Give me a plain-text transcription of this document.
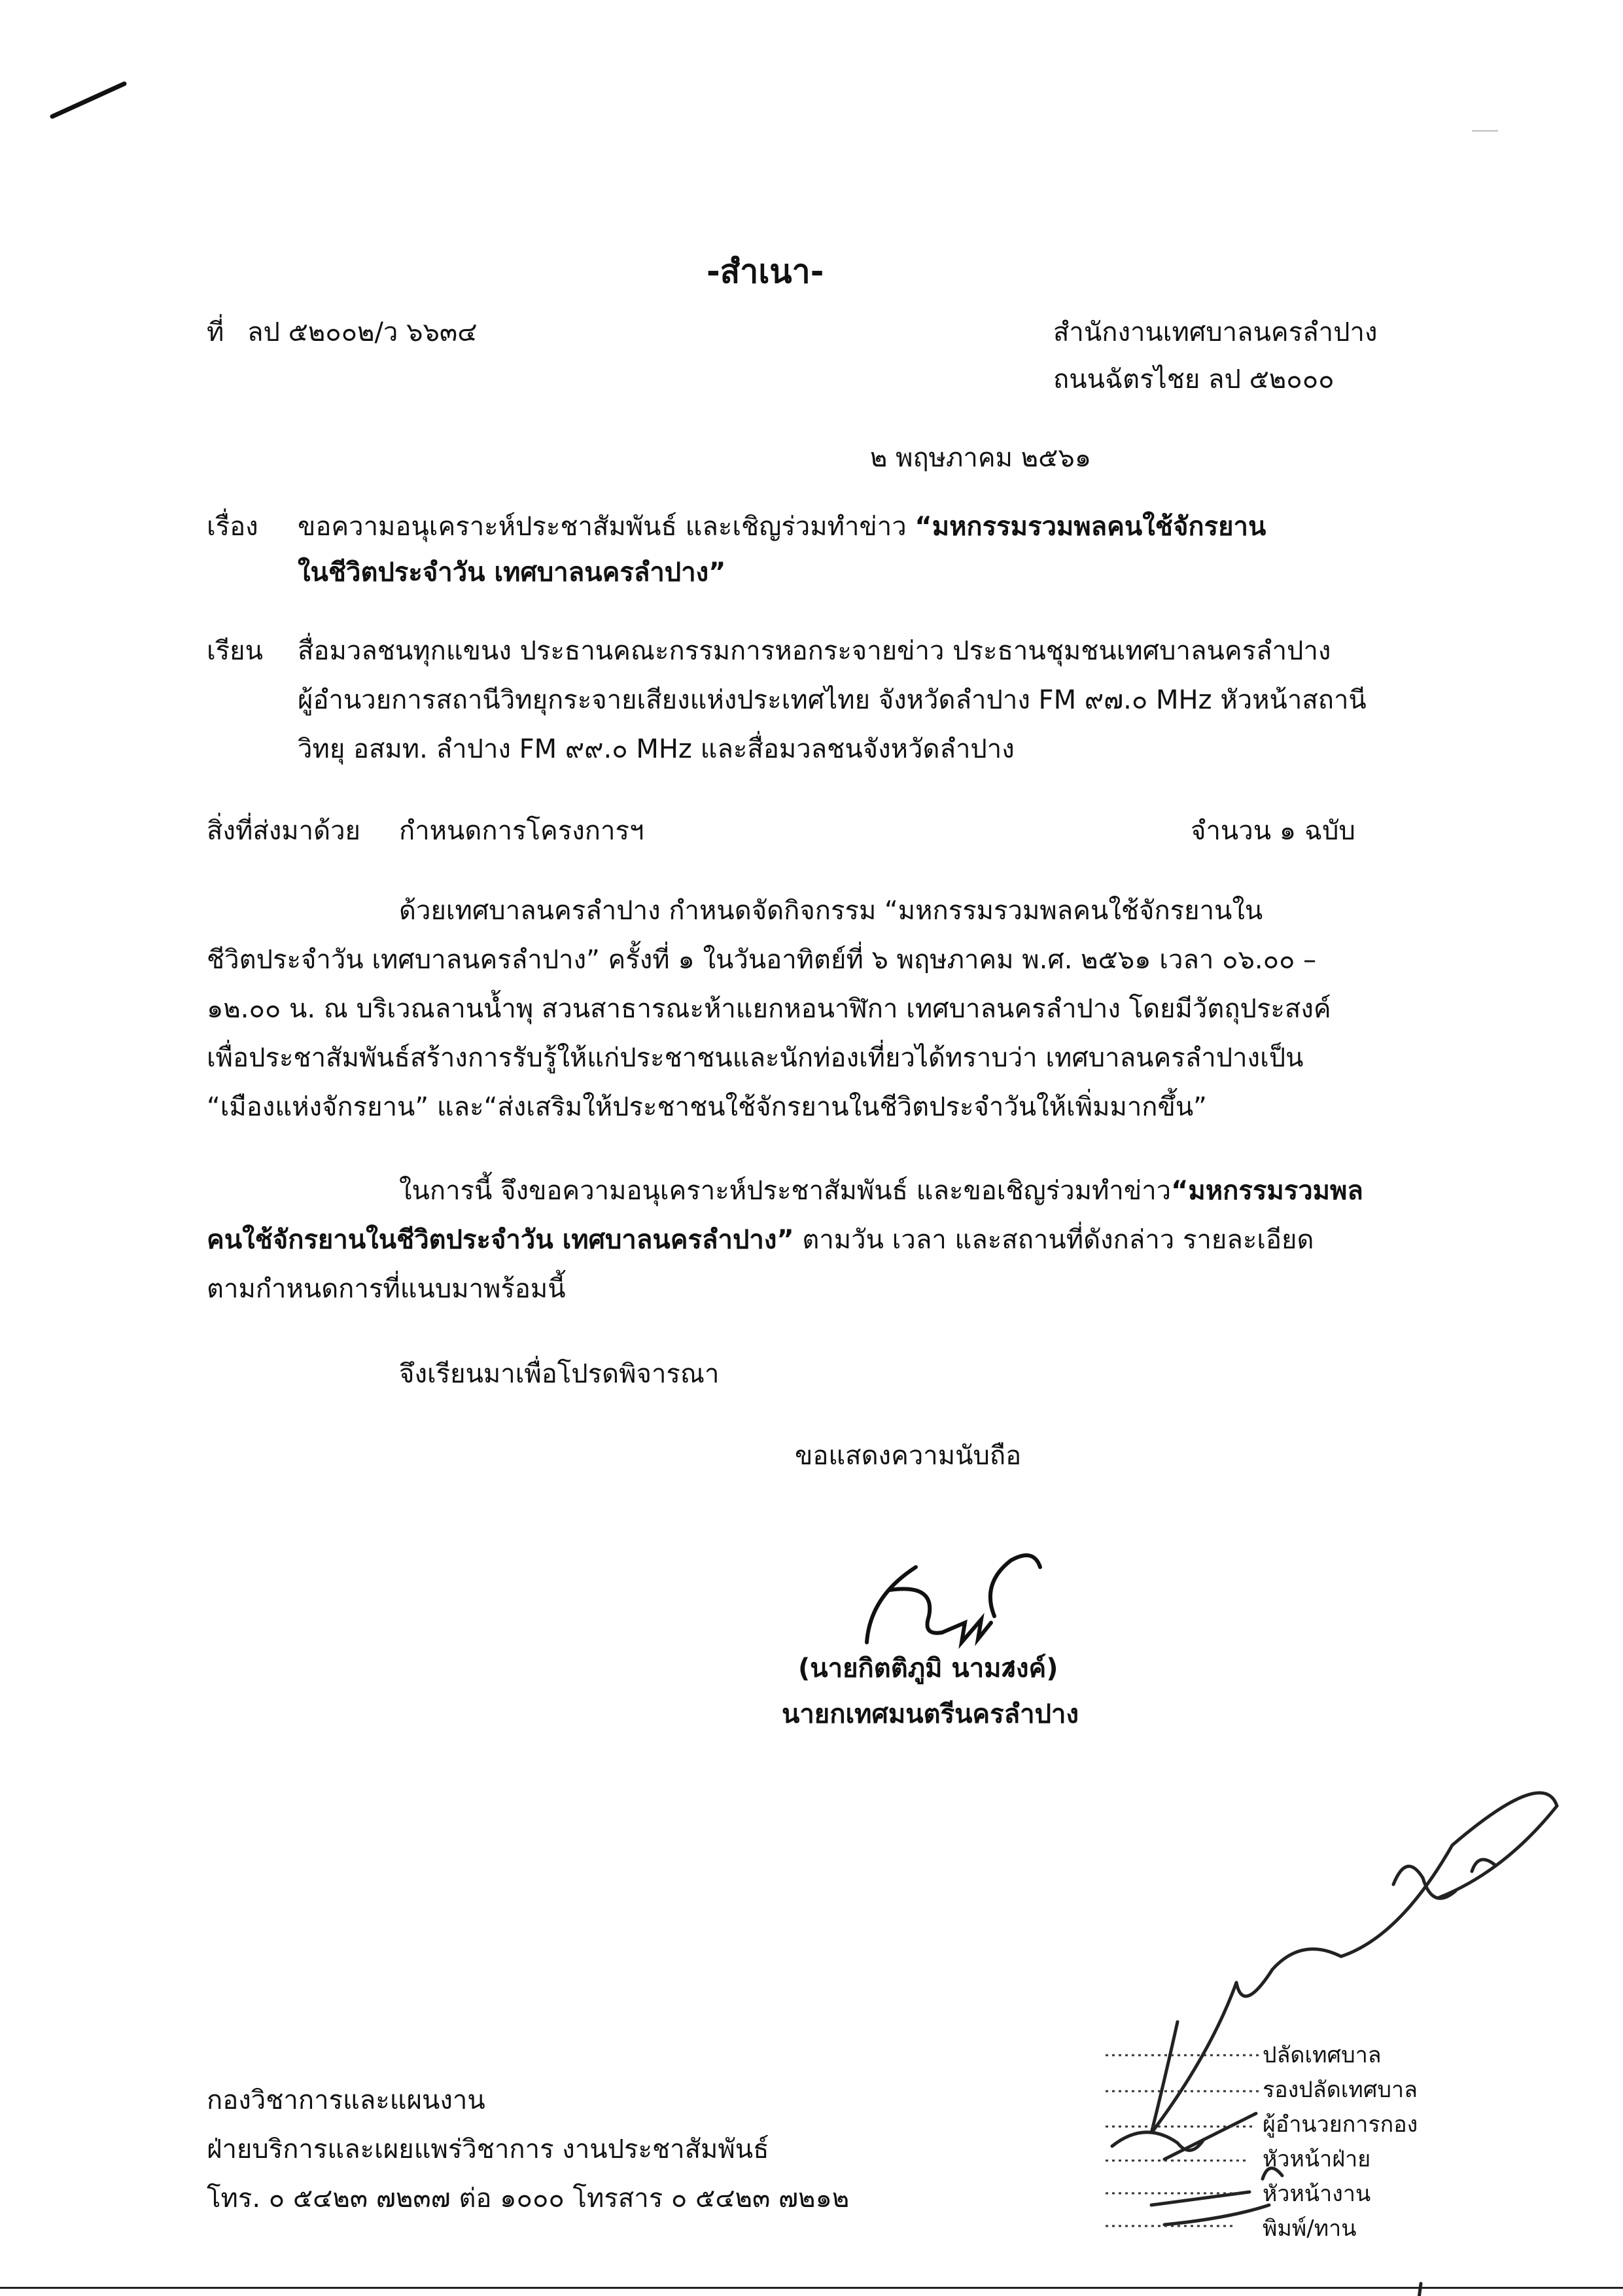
-สำเนา-
ที่ ลป ๕๒๐๐๒/ว ๖๖๓๔	สำนักงานเทศบาลนครลำปาง
ถนนฉัตรไชย ลป ๕๒๐๐๐
๒ พฤษภาคม ๒๕๖๑
เรื่อง ขอความอนุเคราะห์ประชาสัมพันธ์ และเชิญร่วมทำข่าว “มหกรรมรวมพลคนใช้จักรยาน
ในชีวิตประจำวัน เทศบาลนครลำปาง”
เรียน สื่อมวลชนทุกแขนง ประธานคณะกรรมการหอกระจายข่าว ประธานชุมชนเทศบาลนครลำปาง
ผู้อำนวยการสถานีวิทยุกระจายเสียงแห่งประเทศไทย จังหวัดลำปาง FM ๙๗.๐ MHz หัวหน้าสถานี
วิทยุ อสมท. ลำปาง FM ๙๙.๐ MHz และสื่อมวลชนจังหวัดลำปาง
สิ่งที่ส่งมาด้วย กำหนดการโครงการฯ	จำนวน ๑ ฉบับ
ด้วยเทศบาลนครลำปาง กำหนดจัดกิจกรรม “มหกรรมรวมพลคนใช้จักรยานใน
ชีวิตประจำวัน เทศบาลนครลำปาง” ครั้งที่ ๑ ในวันอาทิตย์ที่ ๖ พฤษภาคม พ.ศ. ๒๕๖๑ เวลา ๐๖.๐๐ –
๑๒.๐๐ น. ณ บริเวณลานน้ำพุ สวนสาธารณะห้าแยกหอนาฬิกา เทศบาลนครลำปาง โดยมีวัตถุประสงค์
เพื่อประชาสัมพันธ์สร้างการรับรู้ให้แก่ประชาชนและนักท่องเที่ยวได้ทราบว่า เทศบาลนครลำปางเป็น
“เมืองแห่งจักรยาน” และ“ส่งเสริมให้ประชาชนใช้จักรยานในชีวิตประจำวันให้เพิ่มมากขึ้น”
ในการนี้ จึงขอความอนุเคราะห์ประชาสัมพันธ์ และขอเชิญร่วมทำข่าว“มหกรรมรวมพล
คนใช้จักรยานในชีวิตประจำวัน เทศบาลนครลำปาง” ตามวัน เวลา และสถานที่ดังกล่าว รายละเอียด
ตามกำหนดการที่แนบมาพร้อมนี้
จึงเรียนมาเพื่อโปรดพิจารณา
ขอแสดงความนับถือ
(นายกิตติภูมิ นามวงค์)
นายกเทศมนตรีนครลำปาง
ปลัดเทศบาล
รองปลัดเทศบาล
ผู้อำนวยการกอง
หัวหน้าฝ่าย
หัวหน้างาน
พิมพ์/ทาน
กองวิชาการและแผนงาน
ฝ่ายบริการและเผยแพร่วิชาการ งานประชาสัมพันธ์
โทร. ๐ ๕๔๒๓ ๗๒๓๗ ต่อ ๑๐๐๐ โทรสาร ๐ ๕๔๒๓ ๗๒๑๒
